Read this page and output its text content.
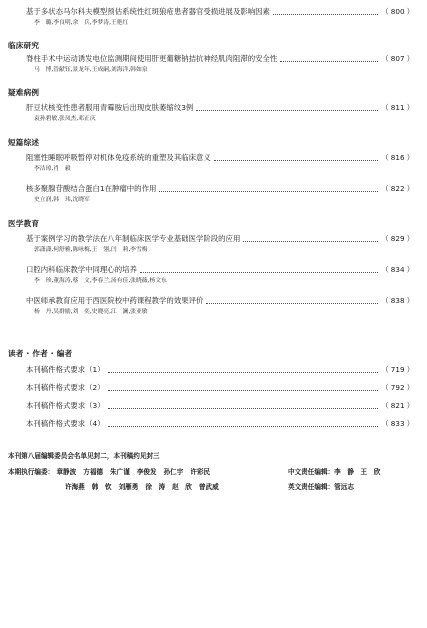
基于多状态马尔科夫模型预估系统性红斑狼疮患者器官受损进展及影响因素	（ 800 ）
李　璐,李良明,余　兵,李梦涛,王艳红
临床研究
脊柱手术中运动诱发电位监测期间使用肝更葡糖钠拮抗神经肌肉阻滞的安全性	（ 807 ）
马　博,管献钰,景龙年,王成嗣,刘海洋,韩如泉
疑难病例
肝豆状核变性患者服用青霉胺后出现皮肤萎缩纹3例	（ 811 ）
袁孙碧敏,张凤杰,邓正庆
短篇综述
阻塞性睡眠呼吸暂停对机体免疫系统的重塑及其临床意义	（ 816 ）
李洁琼,肖　毅
核多聚腺苷酸结合蛋白1在肿瘤中的作用	（ 822 ）
史立润,韩　玮,沈晓军
医学教育
基于案例学习的教学法在八年制临床医学专业基础医学阶段的应用	（ 829 ）
郭潇潇,何舒雅,陈咏梅,王　翎,闫　莉,李雪梅
口腔内科临床教学中同理心的培养	（ 834 ）
李　珍,董海涛,蔡　文,李春兰,汤有佳,张晓薇,杨文东
中医师承教育应用于西医院校中药课程教学的效果评价	（ 838 ）
杨　丹,吴群励,刘　奕,史晓亮,江　澜,张亚敏
读者 · 作者 · 编者
本刊稿件格式要求（1）	（ 719 ）
本刊稿件格式要求（2）	（ 792 ）
本刊稿件格式要求（3）	（ 821 ）
本刊稿件格式要求（4）	（ 833 ）
本刊第八届编辑委员会名单见封二，本刊稿约见封三
本期执行编委： 章静波 方福德 朱广谨 李俊发 孙仁宇 许彩民	中文责任编辑：李　静　王　欣
许海燕 韩　钦 刘雁勇 徐　涛 赵　欣 曾武威	英文责任编辑：管远志
